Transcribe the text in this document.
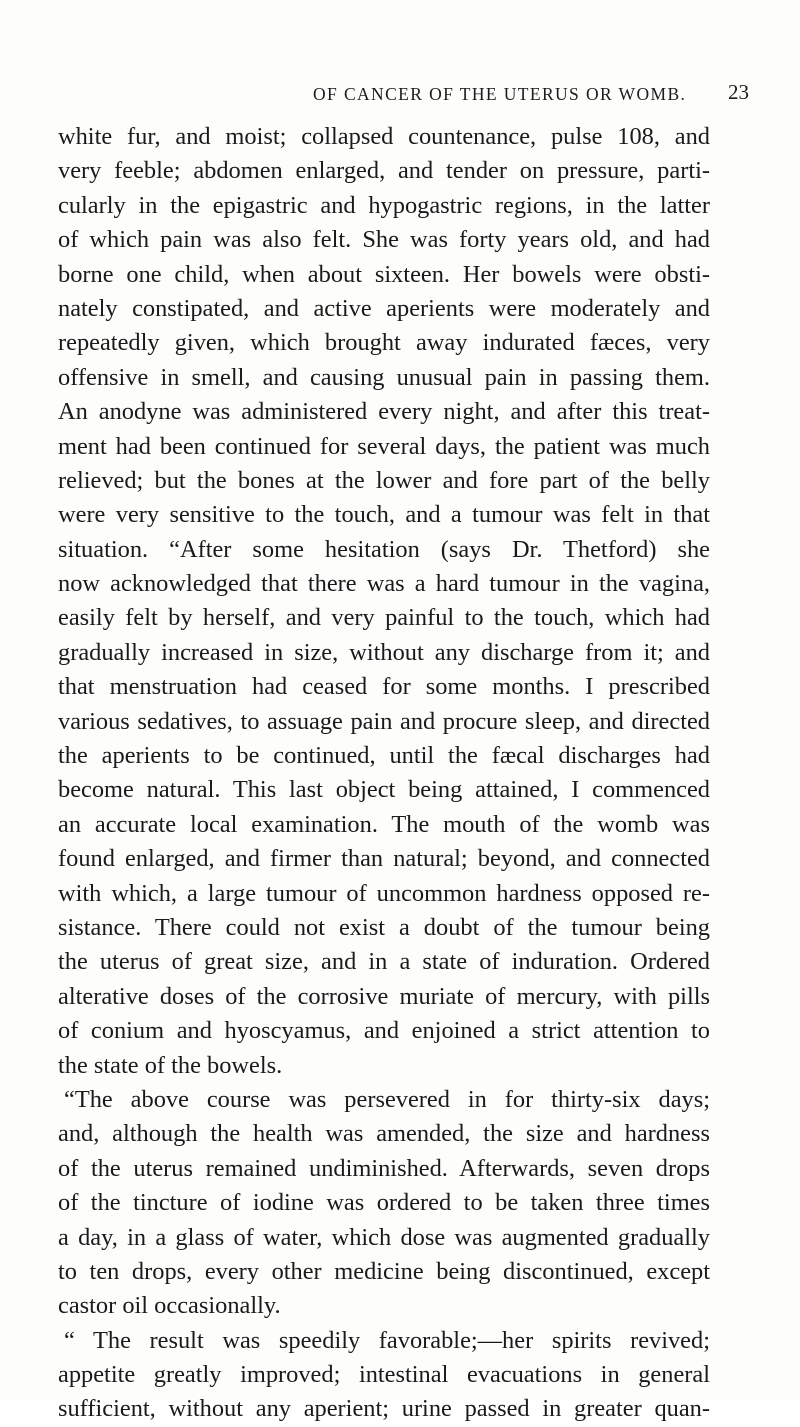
OF CANCER OF THE UTERUS OR WOMB. 23
white fur, and moist; collapsed countenance, pulse 108, and
very feeble; abdomen enlarged, and tender on pressure, parti-
cularly in the epigastric and hypogastric regions, in the latter
of which pain was also felt. She was forty years old, and had
borne one child, when about sixteen. Her bowels were obsti-
nately constipated, and active aperients were moderately and
repeatedly given, which brought away indurated fæces, very
offensive in smell, and causing unusual pain in passing them.
An anodyne was administered every night, and after this treat-
ment had been continued for several days, the patient was much
relieved; but the bones at the lower and fore part of the belly
were very sensitive to the touch, and a tumour was felt in that
situation. “After some hesitation (says Dr. Thetford) she
now acknowledged that there was a hard tumour in the vagina,
easily felt by herself, and very painful to the touch, which had
gradually increased in size, without any discharge from it; and
that menstruation had ceased for some months. I prescribed
various sedatives, to assuage pain and procure sleep, and directed
the aperients to be continued, until the fæcal discharges had
become natural. This last object being attained, I commenced
an accurate local examination. The mouth of the womb was
found enlarged, and firmer than natural; beyond, and connected
with which, a large tumour of uncommon hardness opposed re-
sistance. There could not exist a doubt of the tumour being
the uterus of great size, and in a state of induration. Ordered
alterative doses of the corrosive muriate of mercury, with pills
of conium and hyoscyamus, and enjoined a strict attention to
the state of the bowels.
“The above course was persevered in for thirty-six days;
and, although the health was amended, the size and hardness
of the uterus remained undiminished. Afterwards, seven drops
of the tincture of iodine was ordered to be taken three times
a day, in a glass of water, which dose was augmented gradually
to ten drops, every other medicine being discontinued, except
castor oil occasionally.
“ The result was speedily favorable;—her spirits revived;
appetite greatly improved; intestinal evacuations in general
sufficient, without any aperient; urine passed in greater quan-
